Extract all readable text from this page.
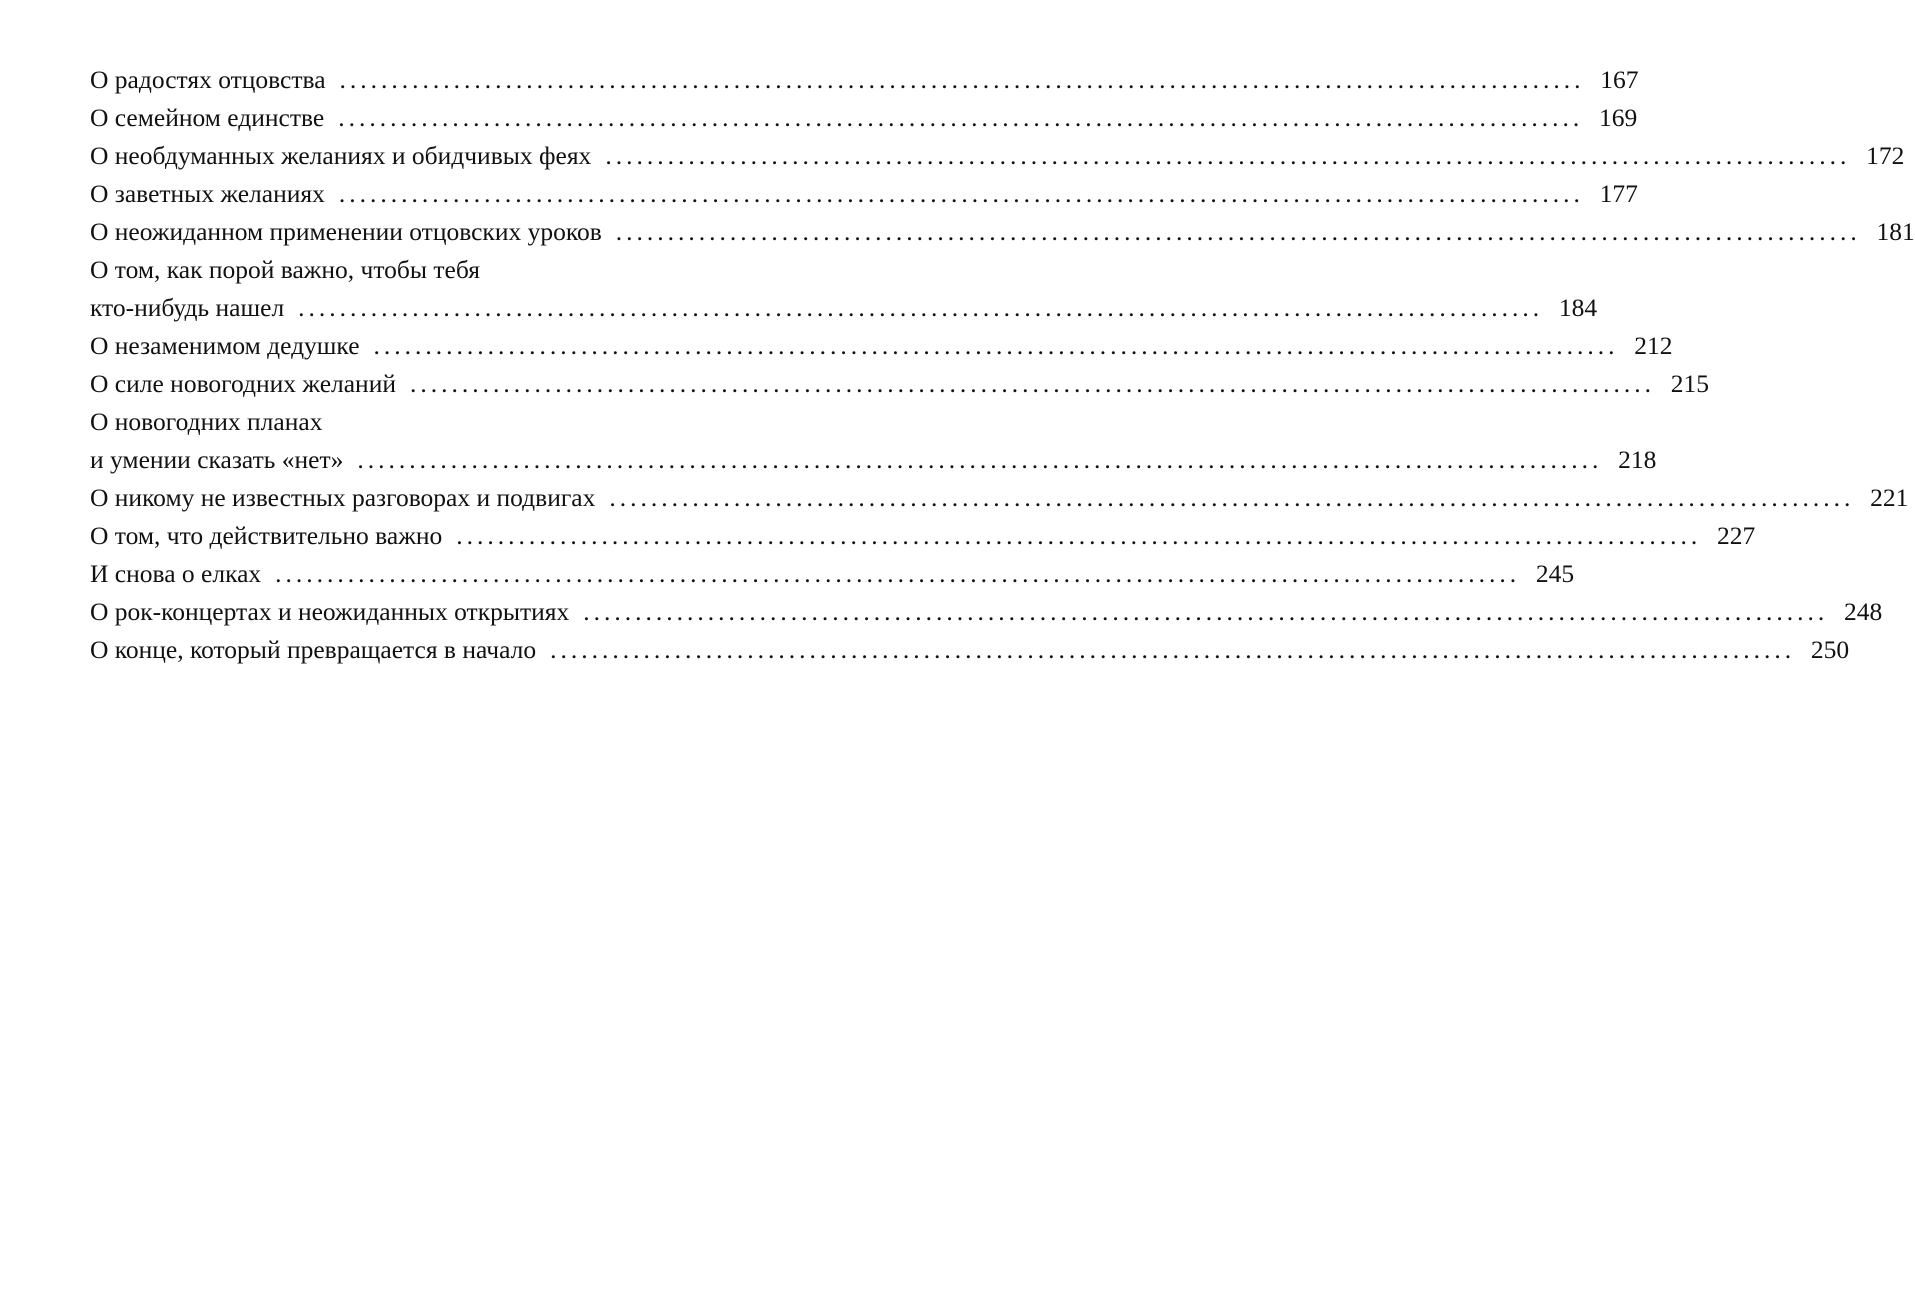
О радостях отцовства ........................................................................................................................ 167
О семейном единстве ........................................................................................................................ 169
О необдуманных желаниях и обидчивых феях ........................................................................................................................ 172
О заветных желаниях ........................................................................................................................ 177
О неожиданном применении отцовских уроков ........................................................................................................................ 181
О том, как порой важно, чтобы тебя
кто-нибудь нашел ........................................................................................................................ 184
О незаменимом дедушке ........................................................................................................................ 212
О силе новогодних желаний ........................................................................................................................ 215
О новогодних планах
и умении сказать «нет» ........................................................................................................................ 218
О никому не известных разговорах и подвигах ........................................................................................................................ 221
О том, что действительно важно ........................................................................................................................ 227
И снова о елках ........................................................................................................................ 245
О рок-концертах и неожиданных открытиях ........................................................................................................................ 248
О конце, который превращается в начало ........................................................................................................................ 250
